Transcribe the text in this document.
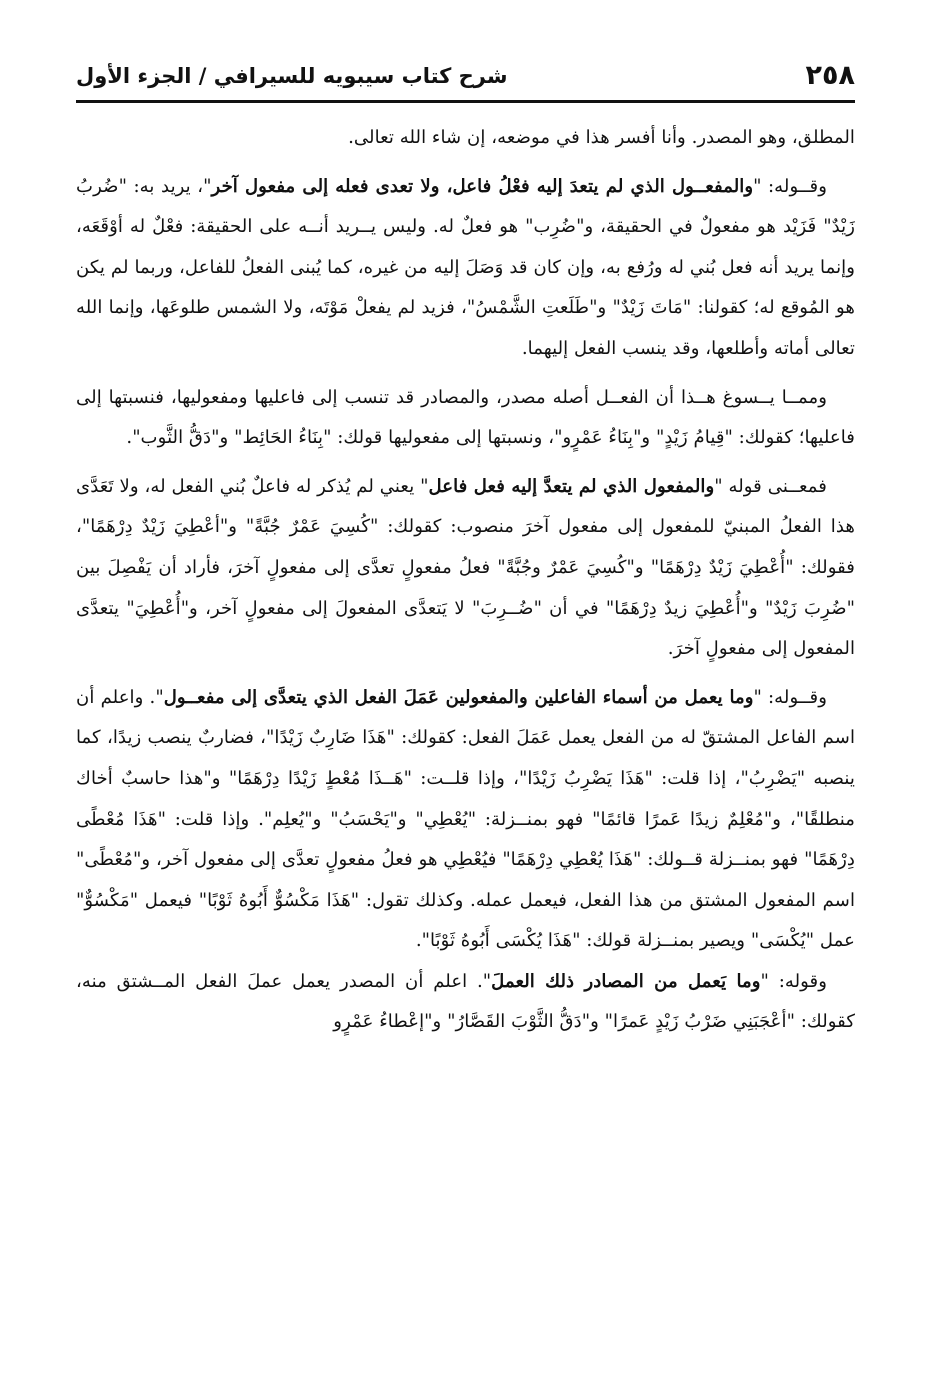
٢٥٨
شرح كتاب سيبويه للسيرافي / الجزء الأول

المطلق، وهو المصدر. وأنا أفسر هذا في موضعه، إن شاء الله تعالى.

وقــوله: "والمفعــول الذي لم يتعدَ إليه فعْلُ فاعل، ولا تعدى فعله إلى مفعول آخر"، يريد به: "ضُربُ زَيْدٌ" فَزَيْد هو مفعولٌ في الحقيقة، و"ضُرِب" هو فعلٌ له. وليس يــريد أنــه على الحقيقة: فعْلٌ له أوْقَعَه، وإنما يريد أنه فعل بُني له ورُفع به، وإن كان قد وَصَلَ إليه من غيره، كما يُبنى الفعلُ للفاعل، وربما لم يكن هو المُوقع له؛ كقولنا: "مَاتَ زَيْدٌ" و"طَلَعتِ الشَّمْسُ"، فزيد لم يفعلْ مَوْتَه، ولا الشمس طلوعَها، وإنما الله تعالى أماته وأطلعها، وقد ينسب الفعل إليهما.

وممــا يــسوغ هــذا أن الفعــل أصله مصدر، والمصادر قد تنسب إلى فاعليها ومفعوليها، فنسبتها إلى فاعليها؛ كقولك: "قِيامُ زَيْدٍ" و"بِنَاءُ عَمْرٍو"، ونسبتها إلى مفعوليها قولك: "بِنَاءُ الحَائِط" و"دَقُّ الثَّوب".

فمعــنى قوله "والمفعول الذي لم يتعدَّ إليه فعل فاعل" يعني لم يُذكر له فاعلٌ بُني الفعل له، ولا تَعَدَّى هذا الفعلُ المبنيّ للمفعول إلى مفعول آخرَ منصوب: كقولك: "كُسِيَ عَمْرٌ جُبَّةً" و"أعْطِيَ زَيْدٌ دِرْهَمًا"، فقولك: "أُعْطِيَ زَيْدٌ دِرْهَمًا" و"كُسِيَ عَمْرٌ وجُبَّةً" فعلُ مفعولٍ تعدَّى إلى مفعولٍ آخرَ، فأراد أن يَفْصِلَ بين "ضُرِبَ زَيْدٌ" و"أُعْطِيَ زيدٌ دِرْهَمًا" في أن "ضُــرِبَ" لا يَتعدَّى المفعولَ إلى مفعولٍ آخر، و"أُعْطِيَ" يتعدَّى المفعول إلى مفعولٍ آخرَ.

وقــوله: "وما يعمل من أسماء الفاعلين والمفعولين عَمَلَ الفعل الذي يتعدَّى إلى مفعــول". واعلم أن اسم الفاعل المشتقّ له من الفعل يعمل عَمَلَ الفعل: كقولك: "هَذَا ضَارِبٌ زَيْدًا"، فضاربٌ ينصب زيدًا، كما ينصبه "يَضْرِبُ"، إذا قلت: "هَذَا يَضْرِبُ زَيْدًا"، وإذا قلــت: "هَــذَا مُعْطٍ زَيْدًا دِرْهَمًا" و"هذا حاسبٌ أخاك منطلقًا"، و"مُعْلِمٌ زيدًا عَمرًا قائمًا" فهو بمنــزلة: "يُعْطِي" و"يَحْسَبُ" و"يُعلِم". وإذا قلت: "هَذَا مُعْطًى دِرْهَمًا" فهو بمنــزلة قــولك: "هَذَا يُعْطِي دِرْهَمًا" فيُعْطِي هو فعلُ مفعولٍ تعدَّى إلى مفعول آخر، و"مُعْطًى" اسم المفعول المشتق من هذا الفعل، فيعمل عمله. وكذلك تقول: "هَذَا مَكْسُوٌّ أَبُوهُ ثَوْبًا" فيعمل "مَكْسُوٌّ" عمل "يُكْسَى" ويصير بمنــزلة قولك: "هَذَا يُكْسَى أَبُوهُ ثَوْبًا".

وقوله: "وما يَعمل من المصادر ذلك العملَ". اعلم أن المصدر يعمل عملَ الفعل المــشتق منه، كقولك: "أعْجَبَنِي ضَرْبُ زَيْدٍ عَمرًا" و"دَقُّ الثَّوْبَ القَصَّارُ" و"إعْطاءُ عَمْرٍو
